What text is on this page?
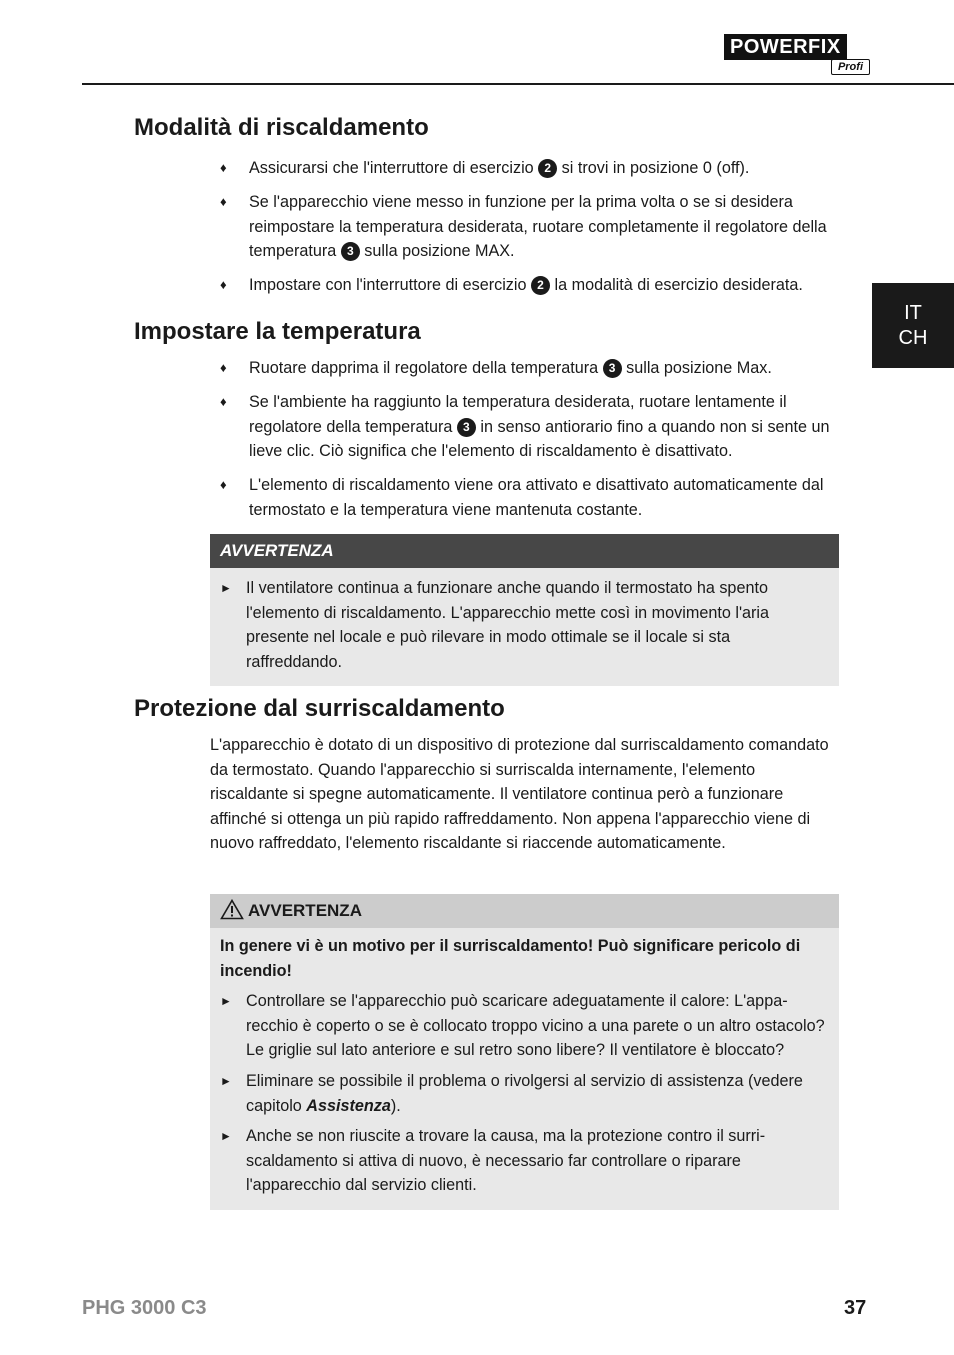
POWERFIX
Profi
IT
CH
Modalità di riscaldamento
♦ Assicurarsi che l'interruttore di esercizio 2 si trovi in posizione 0 (off).
♦ Se l'apparecchio viene messo in funzione per la prima volta o se si desidera reimpostare la temperatura desiderata, ruotare completamente il regolatore della temperatura 3 sulla posizione MAX.
♦ Impostare con l'interruttore di esercizio 2 la modalità di esercizio desiderata.
Impostare la temperatura
♦ Ruotare dapprima il regolatore della temperatura 3 sulla posizione Max.
♦ Se l'ambiente ha raggiunto la temperatura desiderata, ruotare lentamente il regolatore della temperatura 3 in senso antiorario fino a quando non si sente un lieve clic. Ciò significa che l'elemento di riscaldamento è disattivato.
♦ L'elemento di riscaldamento viene ora attivato e disattivato automaticamente dal termostato e la temperatura viene mantenuta costante.
AVVERTENZA
► Il ventilatore continua a funzionare anche quando il termostato ha spento l'elemento di riscaldamento. L'apparecchio mette così in movimento l'aria presente nel locale e può rilevare in modo ottimale se il locale si sta raffreddando.
Protezione dal surriscaldamento

L'apparecchio è dotato di un dispositivo di protezione dal surriscaldamento comandato da termostato. Quando l'apparecchio si surriscalda internamente, l'elemento riscaldante si spegne automaticamente. Il ventilatore continua però a funzionare affinché si ottenga un più rapido raffreddamento. Non appena l'apparecchio viene di nuovo raffreddato, l'elemento riscaldante si riaccende automaticamente.

AVVERTENZA
In genere vi è un motivo per il surriscaldamento! Può significare pericolo di incendio!
► Controllare se l'apparecchio può scaricare adeguatamente il calore: L'appa-recchio è coperto o se è collocato troppo vicino a una parete o un altro ostacolo? Le griglie sul lato anteriore e sul retro sono libere? Il ventilatore è bloccato?
► Eliminare se possibile il problema o rivolgersi al servizio di assistenza (vedere capitolo Assistenza).
► Anche se non riuscite a trovare la causa, ma la protezione contro il surri-scaldamento si attiva di nuovo, è necessario far controllare o riparare l'apparecchio dal servizio clienti.
PHG 3000 C3	37
